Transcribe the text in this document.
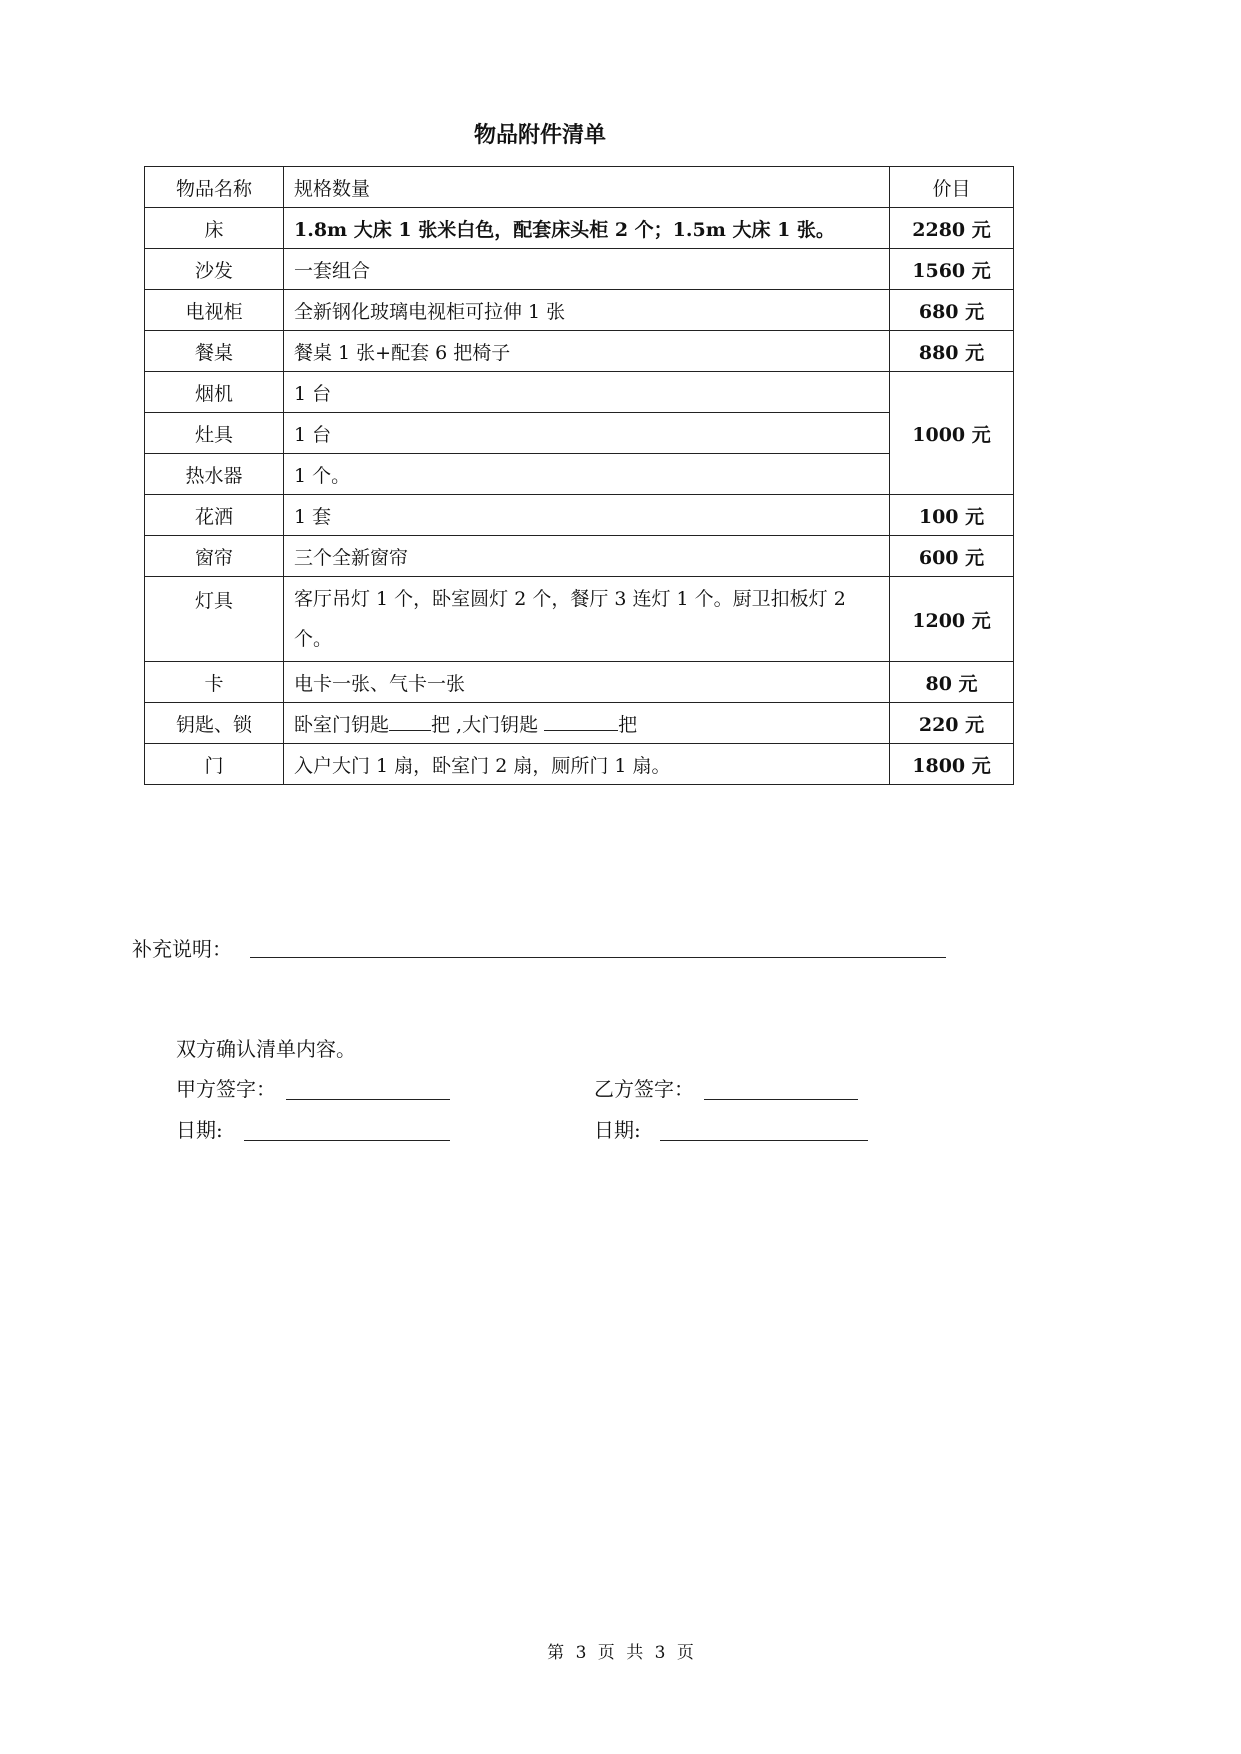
物品附件清单
物品名称	规格数量	价目
床	1.8m 大床 1 张米白色，配套床头柜 2 个；1.5m 大床 1 张。	2280 元
沙发	一套组合	1560 元
电视柜	全新钢化玻璃电视柜可拉伸 1 张	680 元
餐桌	餐桌 1 张+配套 6 把椅子	880 元
烟机	1 台	1000 元
灶具	1 台	
热水器	1 个。	
花洒	1 套	100 元
窗帘	三个全新窗帘	600 元
灯具	客厅吊灯 1 个，卧室圆灯 2 个，餐厅 3 连灯 1 个。厨卫扣板灯 2 个。	1200 元
卡	电卡一张、气卡一张	80 元
钥匙、锁	卧室门钥匙 把 ,大门钥匙 把	220 元
门	入户大门 1 扇，卧室门 2 扇，厕所门 1 扇。	1800 元
补充说明：
双方确认清单内容。
甲方签字：	乙方签字：
日期:	日期:
第 3 页 共 3 页
